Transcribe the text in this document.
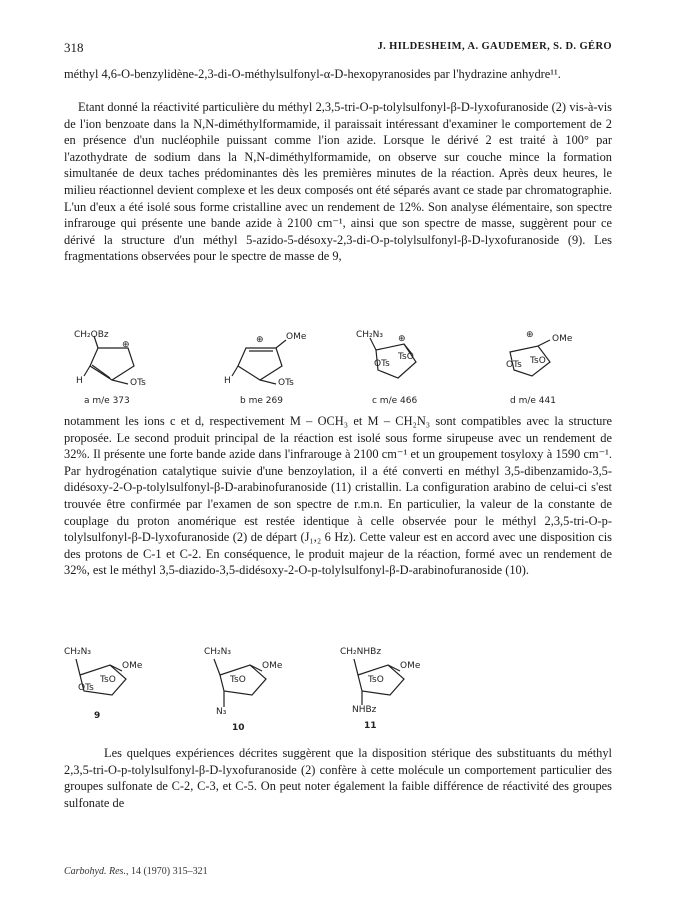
318	J. HILDESHEIM, A. GAUDEMER, S. D. GÉRO

méthyl 4,6-O-benzylidène-2,3-di-O-méthylsulfonyl-α-D-hexopyranosides par l'hydrazine anhydre¹¹.

Etant donné la réactivité particulière du méthyl 2,3,5-tri-O-p-tolylsulfonyl-β-D-lyxofuranoside (2) vis-à-vis de l'ion benzoate dans la N,N-diméthylformamide, il paraissait intéressant d'examiner le comportement de 2 en présence d'un nucléophile puissant comme l'ion azide. Lorsque le dérivé 2 est traité à 100° par l'azothydrate de sodium dans la N,N-diméthylformamide, on observe sur couche mince la formation simultanée de deux taches prédominantes dès les premières minutes de la réaction. Après deux heures, le milieu réactionnel devient complexe et les deux composés ont été séparés avant ce stade par chromatographie. L'un d'eux a été isolé sous forme cristalline avec un rendement de 12%. Son analyse élémentaire, son spectre infrarouge qui présente une bande azide à 2100 cm⁻¹, ainsi que son spectre de masse, suggèrent pour ce dérivé la structure d'un méthyl 5-azido-5-désoxy-2,3-di-O-p-tolylsulfonyl-β-D-lyxofuranoside (9). Les fragmentations observées pour le spectre de masse de 9,

CH₂OBz
⊕
H	OTs
a m/e 373
⊕ OMe
H	OTs
b me 269
CH₂N₃ ⊕
TsO
OTs
c m/e 466
⊕ OMe
TsO
OTs
d m/e 441

notamment les ions c et d, respectivement M – OCH₃ et M – CH₂N₃ sont compatibles avec la structure proposée. Le second produit principal de la réaction est isolé sous forme sirupeuse avec un rendement de 32%. Il présente une forte bande azide dans l'infrarouge à 2100 cm⁻¹ et un groupement tosyloxy à 1590 cm⁻¹. Par hydrogénation catalytique suivie d'une benzoylation, il a été converti en méthyl 3,5-dibenzamido-3,5-didésoxy-2-O-p-tolylsulfonyl-β-D-arabinofuranoside (11) cristallin. La configuration arabino de celui-ci s'est trouvée être confirmée par l'examen de son spectre de r.m.n. En particulier, la valeur de la constante de couplage du proton anomérique est restée identique à celle observée pour le méthyl 2,3,5-tri-O-p-tolylsulfonyl-β-D-lyxofuranoside (2) de départ (J₁,₂ 6 Hz). Cette valeur est en accord avec une disposition cis des protons de C-1 et C-2. En conséquence, le produit majeur de la réaction, formé avec un rendement de 32%, est le méthyl 3,5-diazido-3,5-didésoxy-2-O-p-tolylsulfonyl-β-D-arabinofuranoside (10).

CH₂N₃
OMe
TsO
OTs
9
CH₂N₃
OMe
TsO
N₃
10
CH₂NHBz
OMe
TsO
NHBz
11

Les quelques expériences décrites suggèrent que la disposition stérique des substituants du méthyl 2,3,5-tri-O-p-tolylsulfonyl-β-D-lyxofuranoside (2) confère à cette molécule un comportement particulier des groupes sulfonate de C-2, C-3, et C-5. On peut noter également la faible différence de réactivité des groupes sulfonate de

Carbohyd. Res., 14 (1970) 315–321
